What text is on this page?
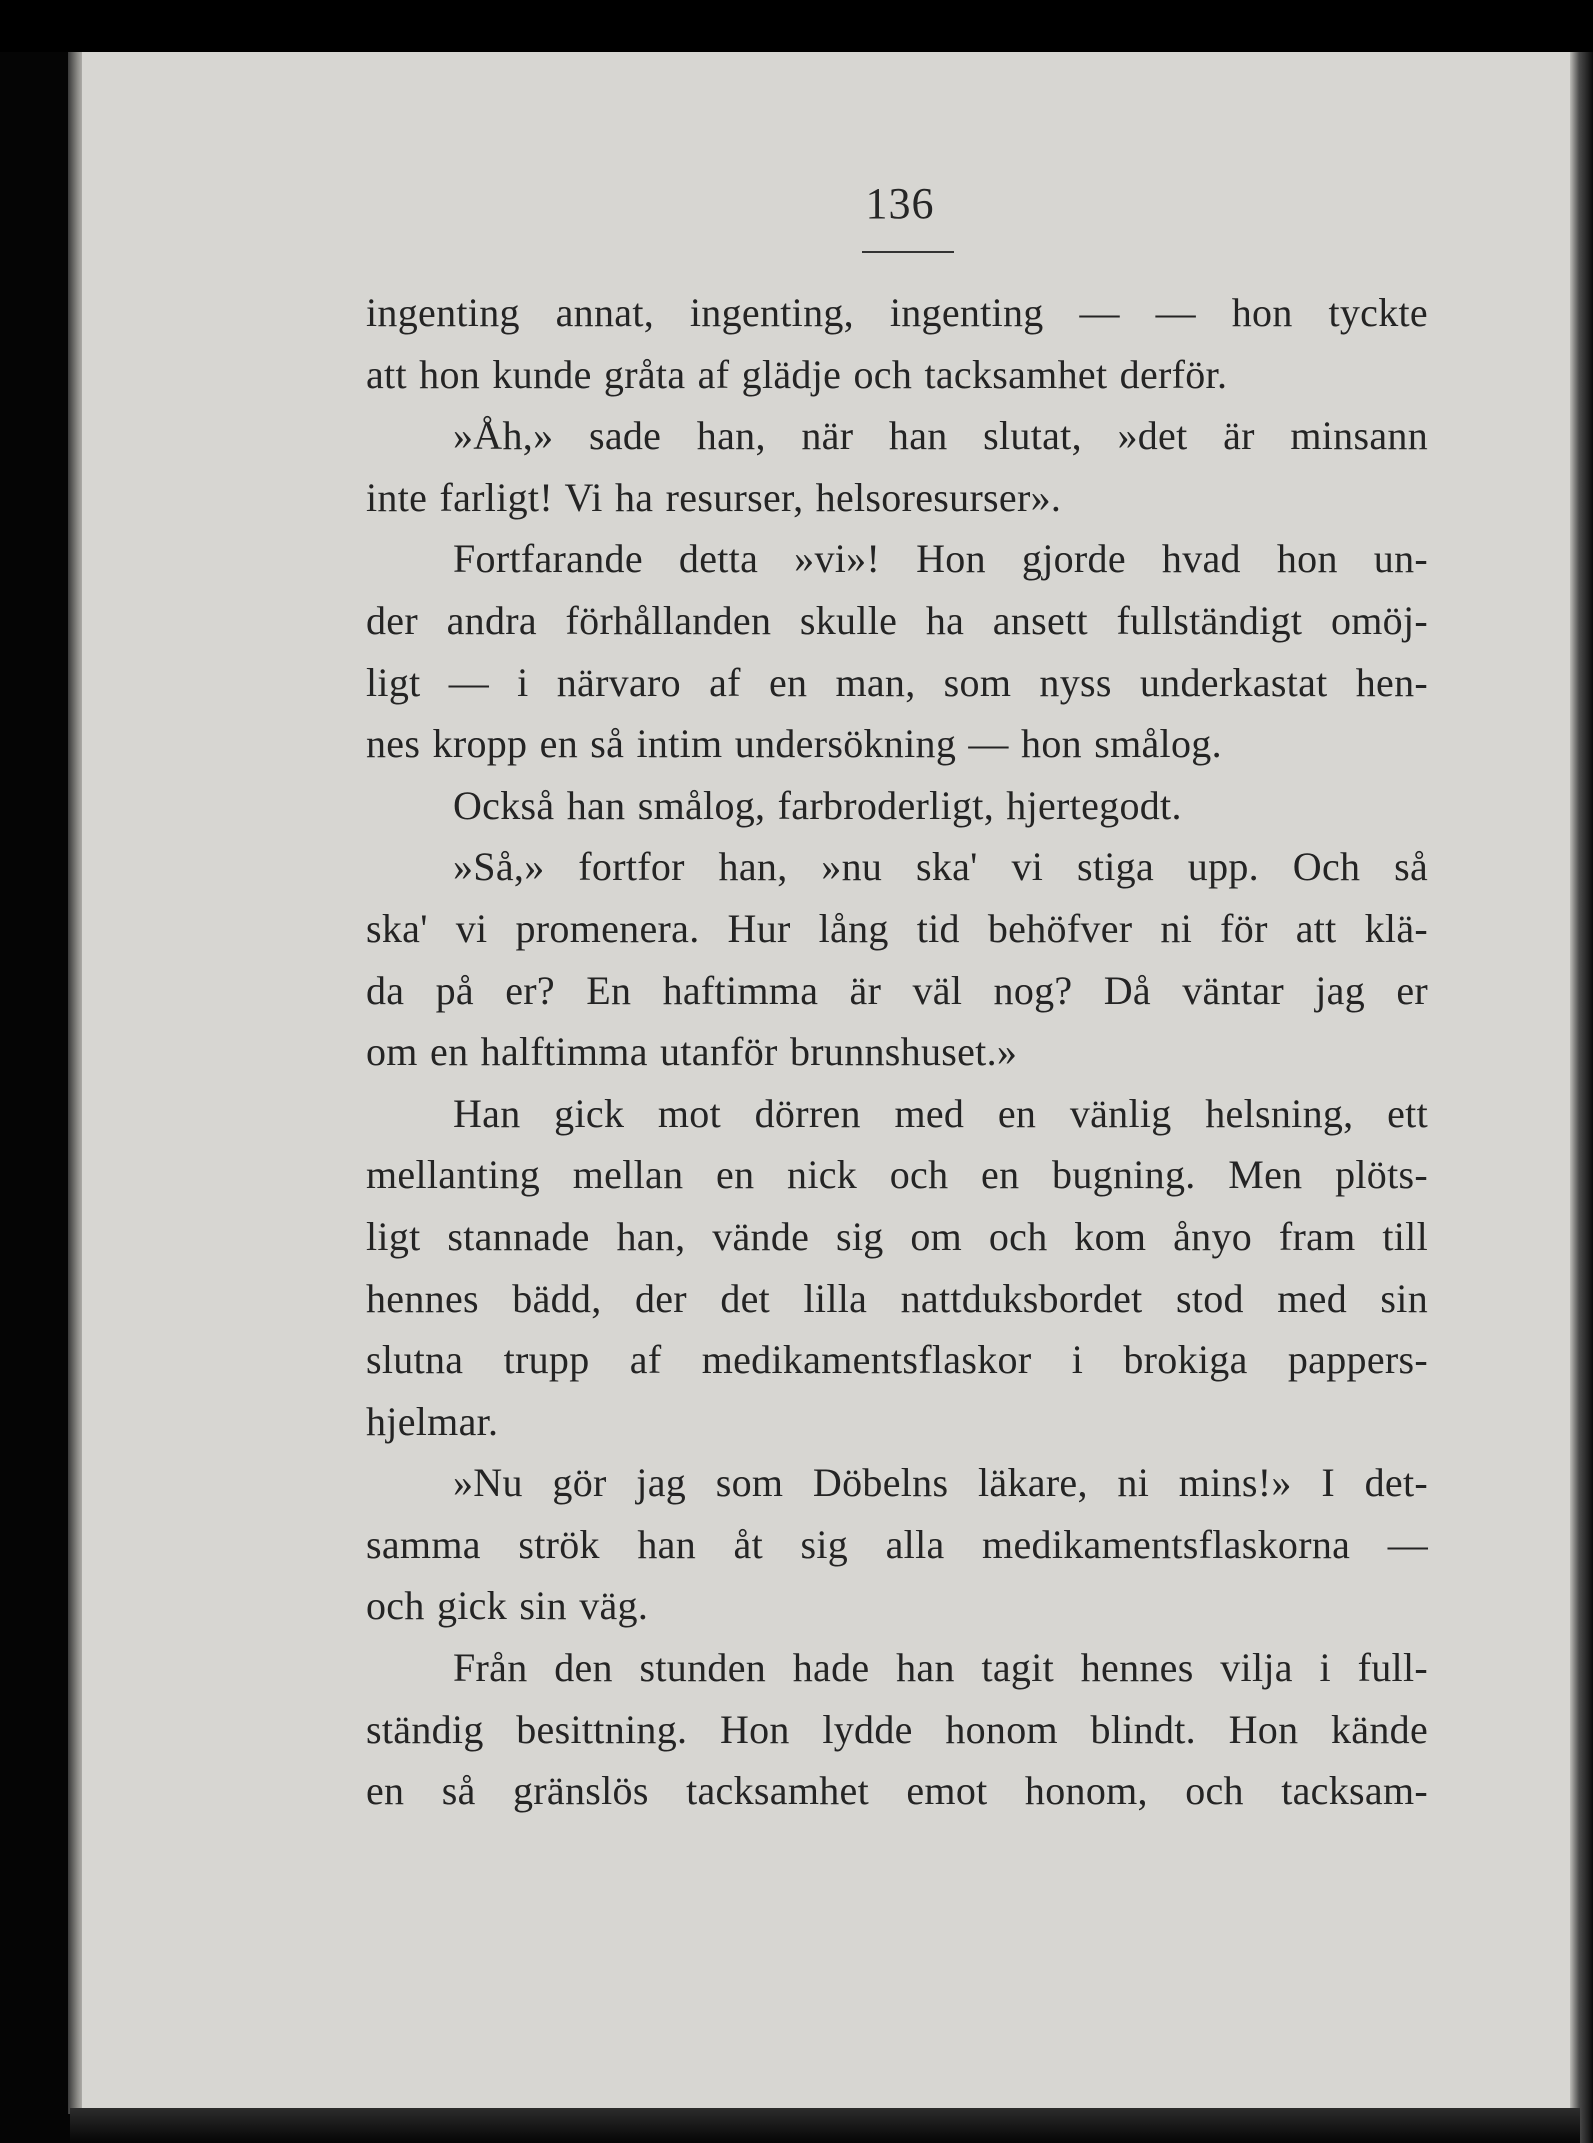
136
ingenting annat, ingenting, ingenting — — hon tyckte
att hon kunde gråta af glädje och tacksamhet derför.
»Åh,» sade han, när han slutat, »det är minsann
inte farligt! Vi ha resurser, helsoresurser».
Fortfarande detta »vi»! Hon gjorde hvad hon un-
der andra förhållanden skulle ha ansett fullständigt omöj-
ligt — i närvaro af en man, som nyss underkastat hen-
nes kropp en så intim undersökning — hon smålog.
Också han smålog, farbroderligt, hjertegodt.
»Så,» fortfor han, »nu ska' vi stiga upp. Och så
ska' vi promenera. Hur lång tid behöfver ni för att klä-
da på er? En haftimma är väl nog? Då väntar jag er
om en halftimma utanför brunnshuset.»
Han gick mot dörren med en vänlig helsning, ett
mellanting mellan en nick och en bugning. Men plöts-
ligt stannade han, vände sig om och kom ånyo fram till
hennes bädd, der det lilla nattduksbordet stod med sin
slutna trupp af medikamentsflaskor i brokiga pappers-
hjelmar.
»Nu gör jag som Döbelns läkare, ni mins!» I det-
samma strök han åt sig alla medikamentsflaskorna —
och gick sin väg.
Från den stunden hade han tagit hennes vilja i full-
ständig besittning. Hon lydde honom blindt. Hon kände
en så gränslös tacksamhet emot honom, och tacksam-
